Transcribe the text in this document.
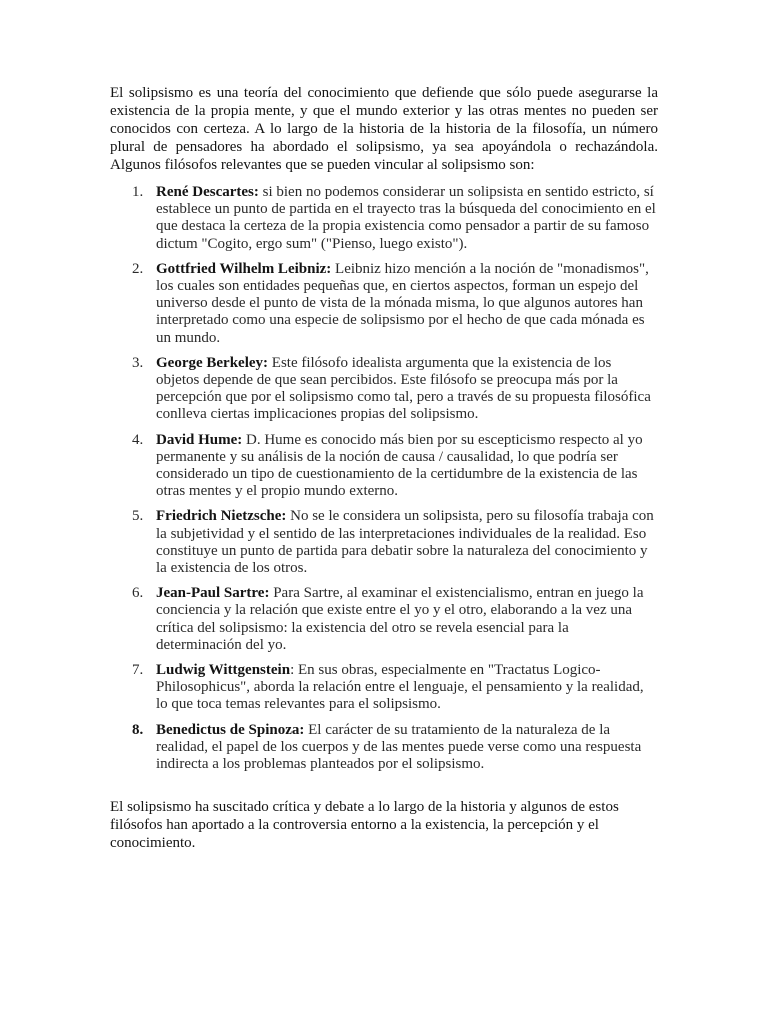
El solipsismo es una teoría del conocimiento que defiende que sólo puede asegurarse la existencia de la propia mente, y que el mundo exterior y las otras mentes no pueden ser conocidos con certeza. A lo largo de la historia de la historia de la filosofía, un número plural de pensadores ha abordado el solipsismo, ya sea apoyándola o rechazándola. Algunos filósofos relevantes que se pueden vincular al solipsismo son:

1. René Descartes: si bien no podemos considerar un solipsista en sentido estricto, sí establece un punto de partida en el trayecto tras la búsqueda del conocimiento en el que destaca la certeza de la propia existencia como pensador a partir de su famoso dictum "Cogito, ergo sum" ("Pienso, luego existo").
2. Gottfried Wilhelm Leibniz: Leibniz hizo mención a la noción de "monadismos", los cuales son entidades pequeñas que, en ciertos aspectos, forman un espejo del universo desde el punto de vista de la mónada misma, lo que algunos autores han interpretado como una especie de solipsismo por el hecho de que cada mónada es un mundo.
3. George Berkeley: Este filósofo idealista argumenta que la existencia de los objetos depende de que sean percibidos. Este filósofo se preocupa más por la percepción que por el solipsismo como tal, pero a través de su propuesta filosófica conlleva ciertas implicaciones propias del solipsismo.
4. David Hume: D. Hume es conocido más bien por su escepticismo respecto al yo permanente y su análisis de la noción de causa / causalidad, lo que podría ser considerado un tipo de cuestionamiento de la certidumbre de la existencia de las otras mentes y el propio mundo externo.
5. Friedrich Nietzsche: No se le considera un solipsista, pero su filosofía trabaja con la subjetividad y el sentido de las interpretaciones individuales de la realidad. Eso constituye un punto de partida para debatir sobre la naturaleza del conocimiento y la existencia de los otros.
6. Jean-Paul Sartre: Para Sartre, al examinar el existencialismo, entran en juego la conciencia y la relación que existe entre el yo y el otro, elaborando a la vez una crítica del solipsismo: la existencia del otro se revela esencial para la determinación del yo.
7. Ludwig Wittgenstein: En sus obras, especialmente en "Tractatus Logico-Philosophicus", aborda la relación entre el lenguaje, el pensamiento y la realidad, lo que toca temas relevantes para el solipsismo.
8. Benedictus de Spinoza: El carácter de su tratamiento de la naturaleza de la realidad, el papel de los cuerpos y de las mentes puede verse como una respuesta indirecta a los problemas planteados por el solipsismo.

El solipsismo ha suscitado crítica y debate a lo largo de la historia y algunos de estos filósofos han aportado a la controversia entorno a la existencia, la percepción y el conocimiento.
